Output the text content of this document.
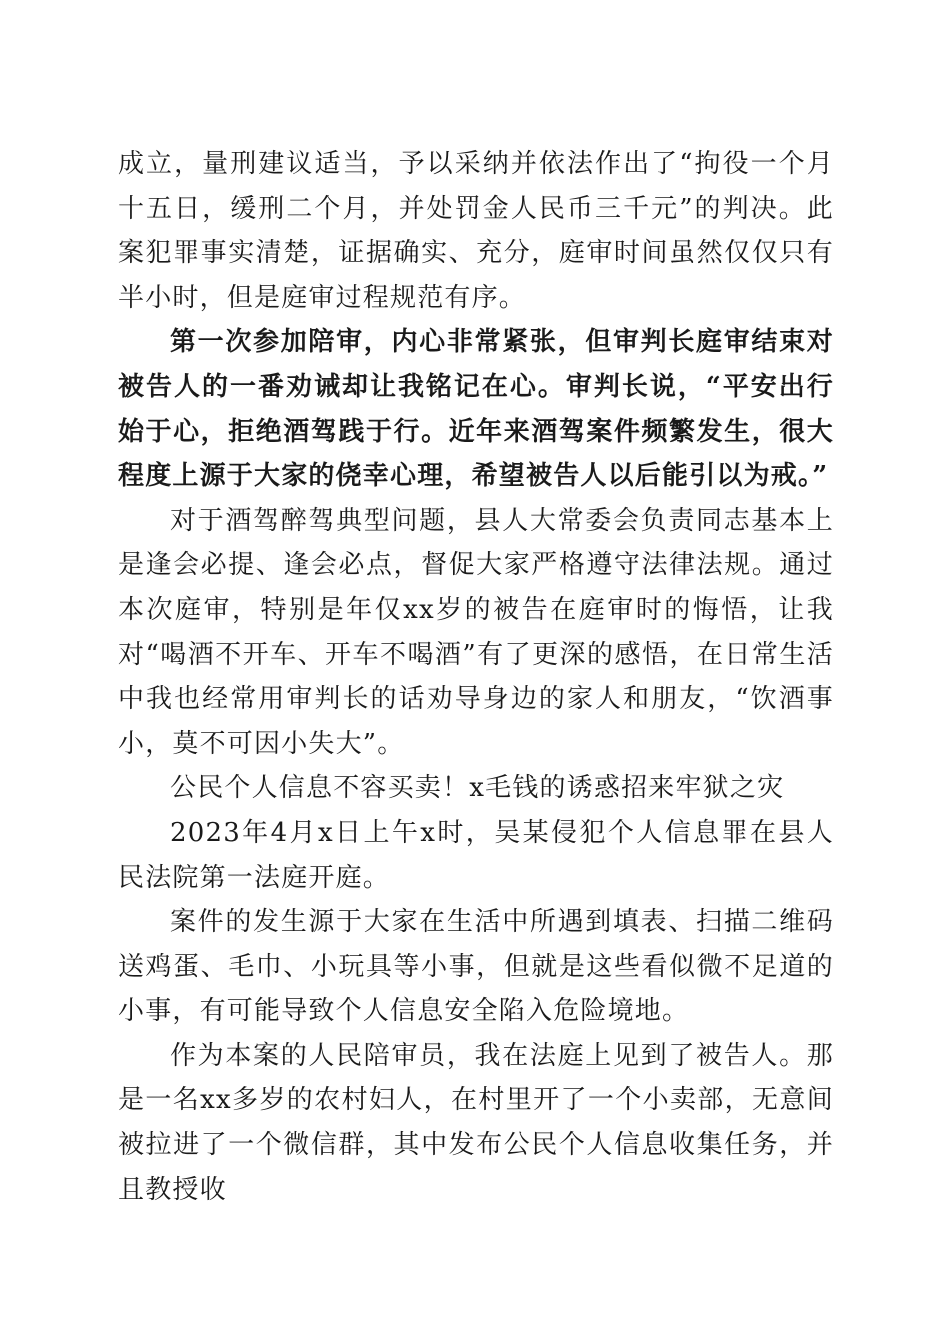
成立，量刑建议适当，予以采纳并依法作出了“拘役一个月十五日，缓刑二个月，并处罚金人民币三千元”的判决。此案犯罪事实清楚，证据确实、充分，庭审时间虽然仅仅只有半小时，但是庭审过程规范有序。

第一次参加陪审，内心非常紧张，但审判长庭审结束对被告人的一番劝诫却让我铭记在心。审判长说，“平安出行始于心，拒绝酒驾践于行。近年来酒驾案件频繁发生，很大程度上源于大家的侥幸心理，希望被告人以后能引以为戒。”

对于酒驾醉驾典型问题，县人大常委会负责同志基本上是逢会必提、逢会必点，督促大家严格遵守法律法规。通过本次庭审，特别是年仅xx岁的被告在庭审时的悔悟，让我对“喝酒不开车、开车不喝酒”有了更深的感悟，在日常生活中我也经常用审判长的话劝导身边的家人和朋友，“饮酒事小，莫不可因小失大”。

公民个人信息不容买卖！x毛钱的诱惑招来牢狱之灾

2023年4月x日上午x时，吴某侵犯个人信息罪在县人民法院第一法庭开庭。

案件的发生源于大家在生活中所遇到填表、扫描二维码送鸡蛋、毛巾、小玩具等小事，但就是这些看似微不足道的小事，有可能导致个人信息安全陷入危险境地。

作为本案的人民陪审员，我在法庭上见到了被告人。那是一名xx多岁的农村妇人，在村里开了一个小卖部，无意间被拉进了一个微信群，其中发布公民个人信息收集任务，并且教授收
